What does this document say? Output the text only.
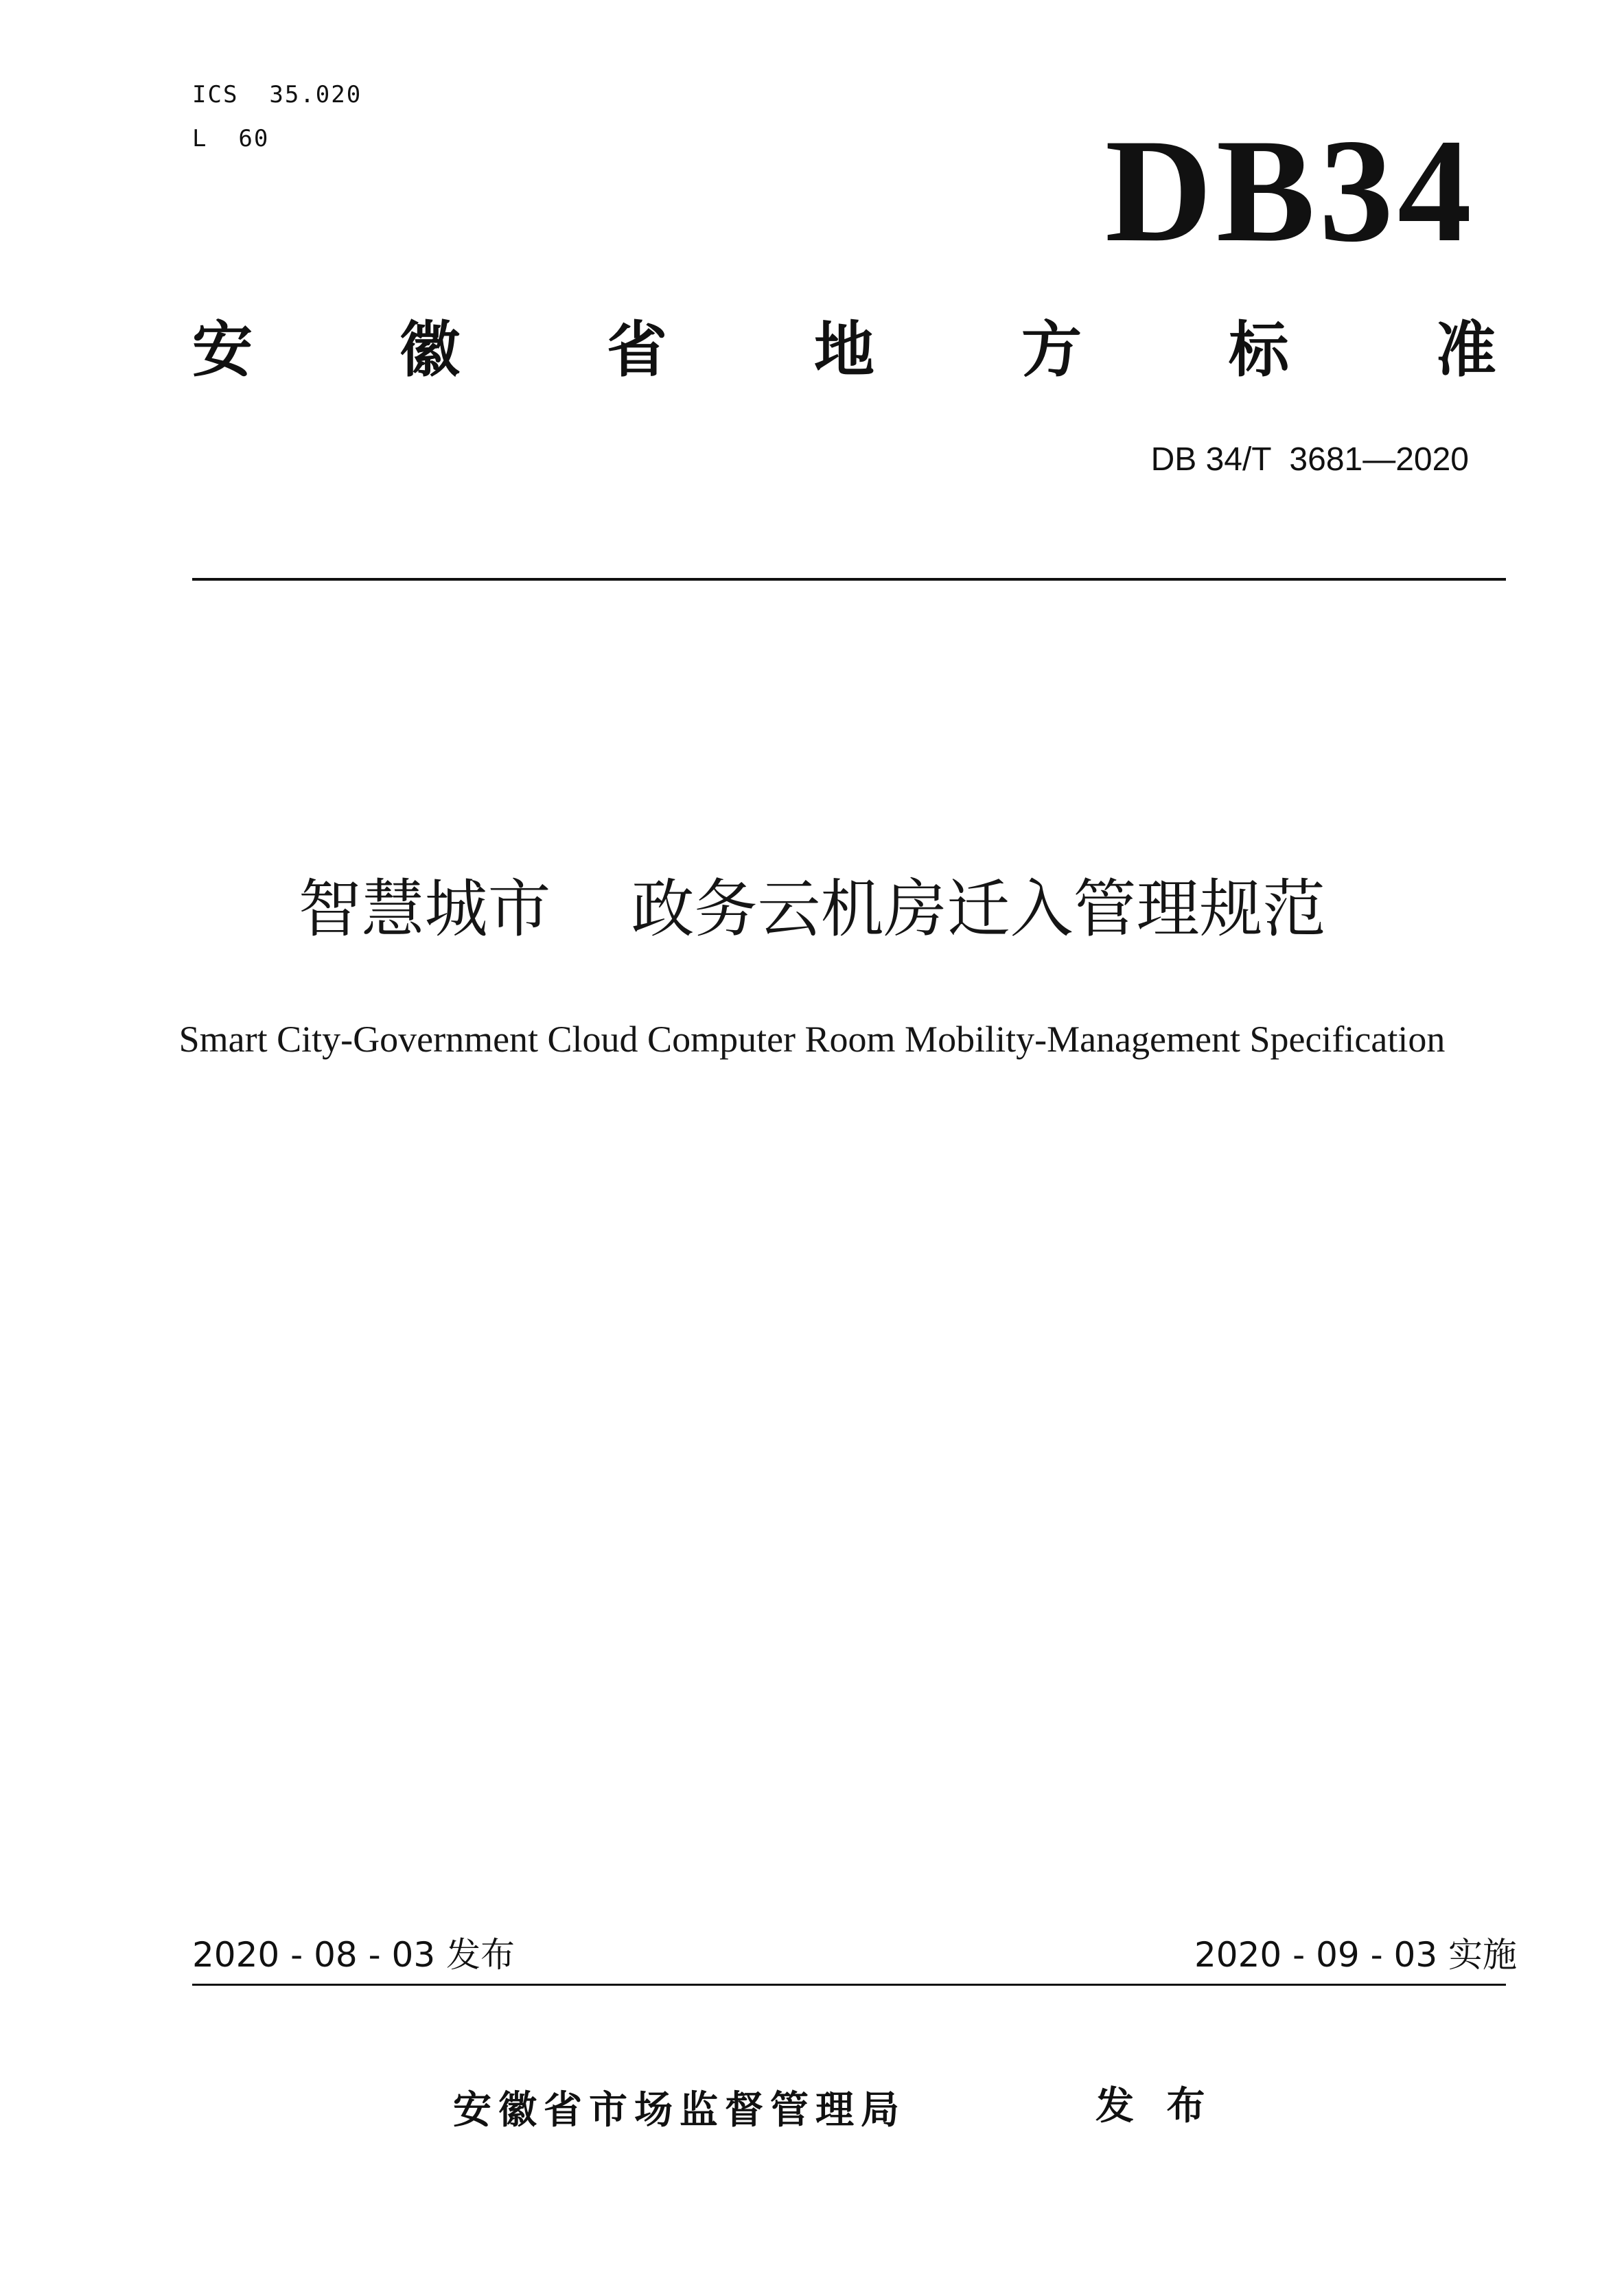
ICS  35.020
L  60	DB34
安 徽 省 地 方 标 准
DB 34/T  3681—2020
智慧城市    政务云机房迁入管理规范
Smart City-Government Cloud Computer Room Mobility-Management Specification
2020 - 08 - 03 发布	2020 - 09 - 03 实施
安徽省市场监督管理局	发 布
